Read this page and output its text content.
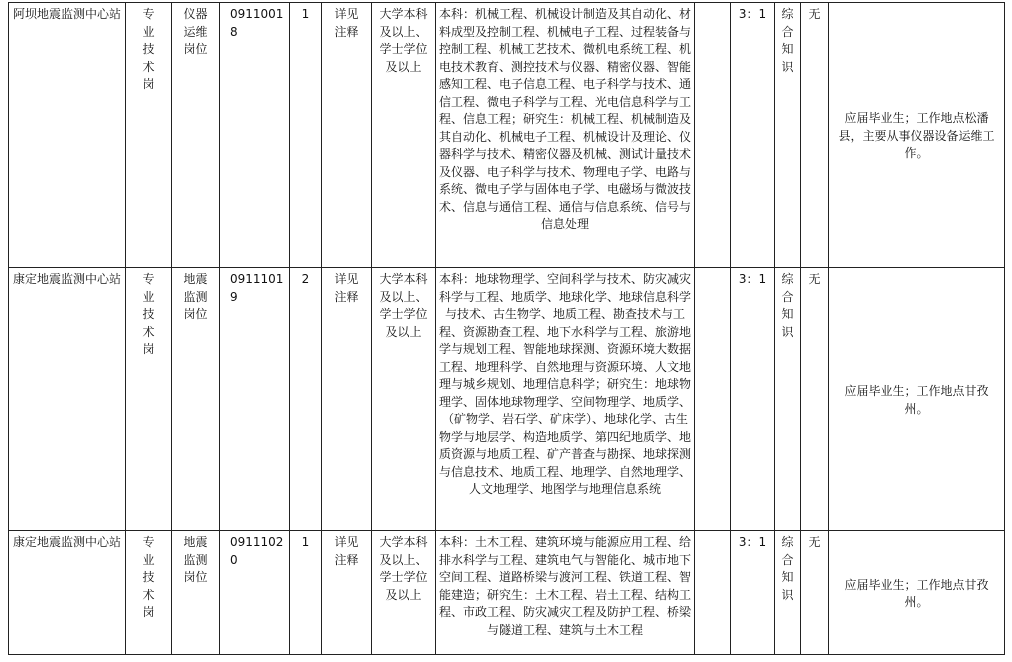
阿坝地震监测中心站	专业技术岗	仪器运维岗位	09110018	1	详见注释	大学本科及以上、学士学位及以上	本科：机械工程、机械设计制造及其自动化、材料成型及控制工程、机械电子工程、过程装备与控制工程、机械工艺技术、微机电系统工程、机电技术教育、测控技术与仪器、精密仪器、智能感知工程、电子信息工程、电子科学与技术、通信工程、微电子科学与工程、光电信息科学与工程、信息工程；研究生：机械工程、机械制造及其自动化、机械电子工程、机械设计及理论、仪器科学与技术、精密仪器及机械、测试计量技术及仪器、电子科学与技术、物理电子学、电路与系统、微电子学与固体电子学、电磁场与微波技术、信息与通信工程、通信与信息系统、信号与信息处理		3：1	综合知识	无	应届毕业生；工作地点松潘县，主要从事仪器设备运维工作。

康定地震监测中心站	专业技术岗	地震监测岗位	09111019	2	详见注释	大学本科及以上、学士学位及以上	本科：地球物理学、空间科学与技术、防灾减灾科学与工程、地质学、地球化学、地球信息科学与技术、古生物学、地质工程、勘查技术与工程、资源勘查工程、地下水科学与工程、旅游地学与规划工程、智能地球探测、资源环境大数据工程、地理科学、自然地理与资源环境、人文地理与城乡规划、地理信息科学；研究生：地球物理学、固体地球物理学、空间物理学、地质学、（矿物学、岩石学、矿床学）、地球化学、古生物学与地层学、构造地质学、第四纪地质学、地质资源与地质工程、矿产普查与勘探、地球探测与信息技术、地质工程、地理学、自然地理学、人文地理学、地图学与地理信息系统		3：1	综合知识	无	应届毕业生；工作地点甘孜州。

康定地震监测中心站	专业技术岗	地震监测岗位	09111020	1	详见注释	大学本科及以上、学士学位及以上	本科：土木工程、建筑环境与能源应用工程、给排水科学与工程、建筑电气与智能化、城市地下空间工程、道路桥梁与渡河工程、铁道工程、智能建造；研究生：土木工程、岩土工程、结构工程、市政工程、防灾减灾工程及防护工程、桥梁与隧道工程、建筑与土木工程		3：1	综合知识	无	应届毕业生；工作地点甘孜州。
